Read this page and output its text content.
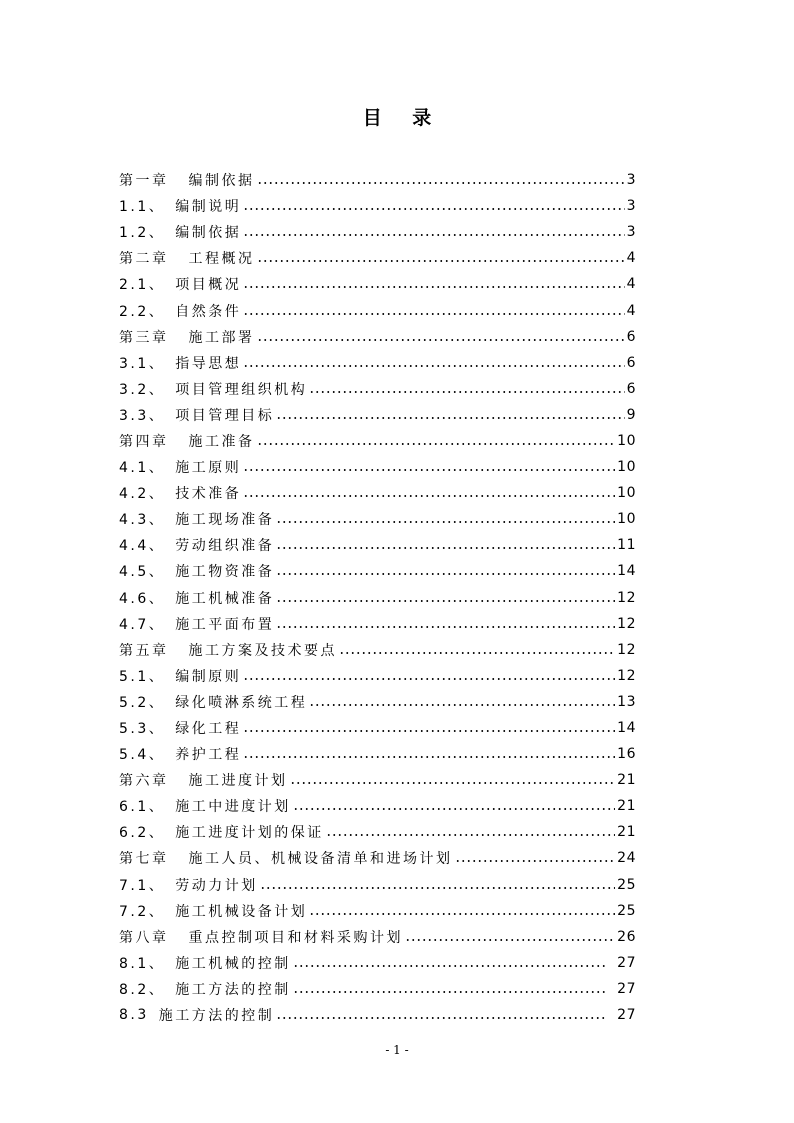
目 录
第一章 编制依据	3
1.1、 编制说明	3
1.2、 编制依据	3
第二章 工程概况	4
2.1、 项目概况	4
2.2、 自然条件	4
第三章 施工部署	6
3.1、 指导思想	6
3.2、 项目管理组织机构	6
3.3、 项目管理目标	9
第四章 施工准备	10
4.1、 施工原则	10
4.2、 技术准备	10
4.3、 施工现场准备	10
4.4、 劳动组织准备	11
4.5、 施工物资准备	14
4.6、 施工机械准备	12
4.7、 施工平面布置	12
第五章 施工方案及技术要点	12
5.1、 编制原则	12
5.2、 绿化喷淋系统工程	13
5.3、 绿化工程	14
5.4、 养护工程	16
第六章 施工进度计划	21
6.1、 施工中进度计划	21
6.2、 施工进度计划的保证	21
第七章 施工人员、机械设备清单和进场计划	24
7.1、 劳动力计划	25
7.2、 施工机械设备计划	25
第八章 重点控制项目和材料采购计划	26
8.1、 施工机械的控制	27
8.2、 施工方法的控制	27
8.3 施工方法的控制	27
- 1 -
